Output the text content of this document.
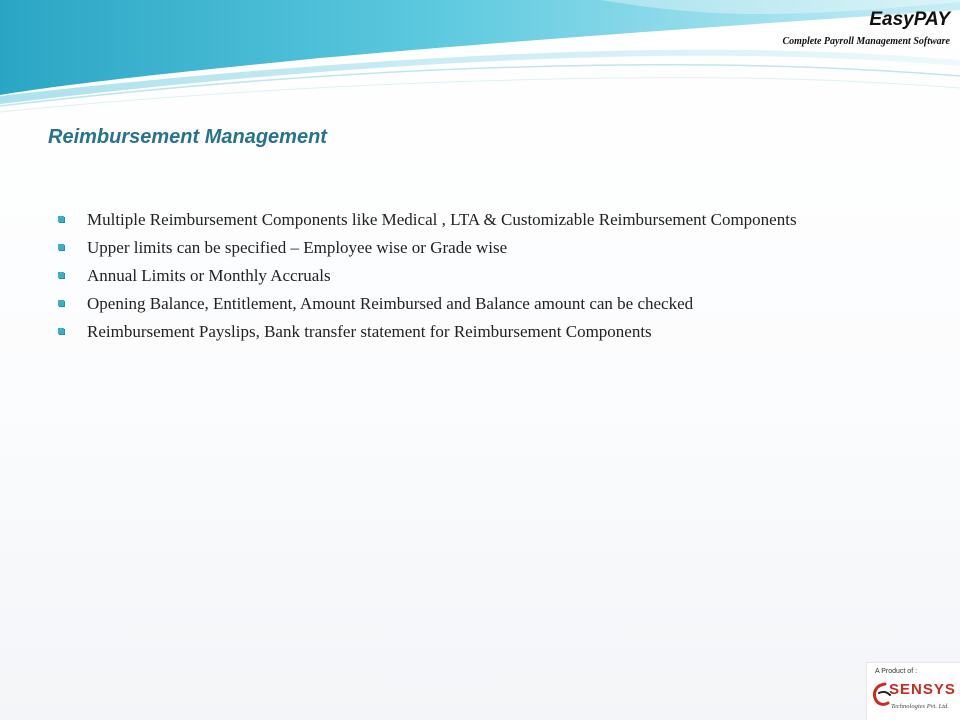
EasyPAY
Complete Payroll Management Software
Reimbursement Management
Multiple Reimbursement Components like Medical , LTA & Customizable Reimbursement Components
Upper limits can be specified – Employee wise or Grade wise
Annual Limits or Monthly Accruals
Opening Balance, Entitlement, Amount Reimbursed and Balance amount can be checked
Reimbursement Payslips, Bank transfer statement for Reimbursement Components

A Product of :

SENSYS

Technologies Pvt. Ltd.
